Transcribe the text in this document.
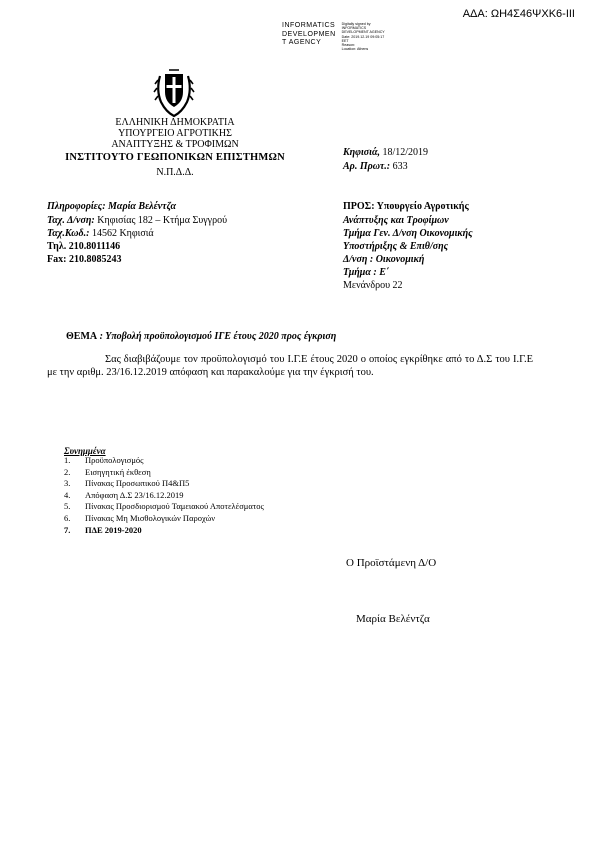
ΑΔΑ: ΩΗ4Σ46ΨΧΚ6-ΙΙΙ
INFORMATICS
DEVELOPMEN
T AGENCY
Digitally signed by
INFORMATICS
DEVELOPMENT AGENCY
Date: 2019.12.19 09:05:17
EET
Reason:
Location: Athens
ΕΛΛΗΝΙΚΗ ΔΗΜΟΚΡΑΤΙΑ
ΥΠΟΥΡΓΕΙΟ ΑΓΡΟΤΙΚΗΣ
ΑΝΑΠΤΥΞΗΣ & ΤΡΟΦΙΜΩΝ
ΙΝΣΤΙΤΟΥΤΟ ΓΕΩΠΟΝΙΚΩΝ ΕΠΙΣΤΗΜΩΝ
Ν.Π.Δ.Δ.
Κηφισιά, 18/12/2019
Αρ. Πρωτ.: 633
Πληροφορίες: Μαρία Βελέντζα
Ταχ. Δ/νση: Κηφισίας 182 – Κτήμα Συγγρού
Ταχ.Κωδ.: 14562 Κηφισιά
Τηλ. 210.8011146
Fax: 210.8085243
ΠΡΟΣ: Υπουργείο Αγροτικής
Ανάπτυξης και Τροφίμων
Τμήμα Γεν. Δ/νση Οικονομικής
Υποστήριξης & Επιθ/σης
Δ/νση : Οικονομική
Τμήμα : Ε΄
Μενάνδρου 22
ΘΕΜΑ : Υποβολή προϋπολογισμού ΙΓΕ έτους 2020 προς έγκριση
Σας διαβιβάζουμε τον προϋπολογισμό του Ι.Γ.Ε έτους 2020 ο οποίος εγκρίθηκε από το Δ.Σ του Ι.Γ.Ε με την αριθμ. 23/16.12.2019 απόφαση και παρακαλούμε για την έγκρισή του.
Συνημμένα
1.	Προϋπολογισμός
2.	Εισηγητική έκθεση
3.	Πίνακας Προσωπικού Π4&Π5
4.	Απόφαση Δ.Σ 23/16.12.2019
5.	Πίνακας Προσδιορισμού Ταμειακού Αποτελέσματος
6.	Πίνακας Μη Μισθολογικών Παροχών
7.	ΠΔΕ 2019-2020
Ο Προϊστάμενη Δ/Ο
Μαρία Βελέντζα
